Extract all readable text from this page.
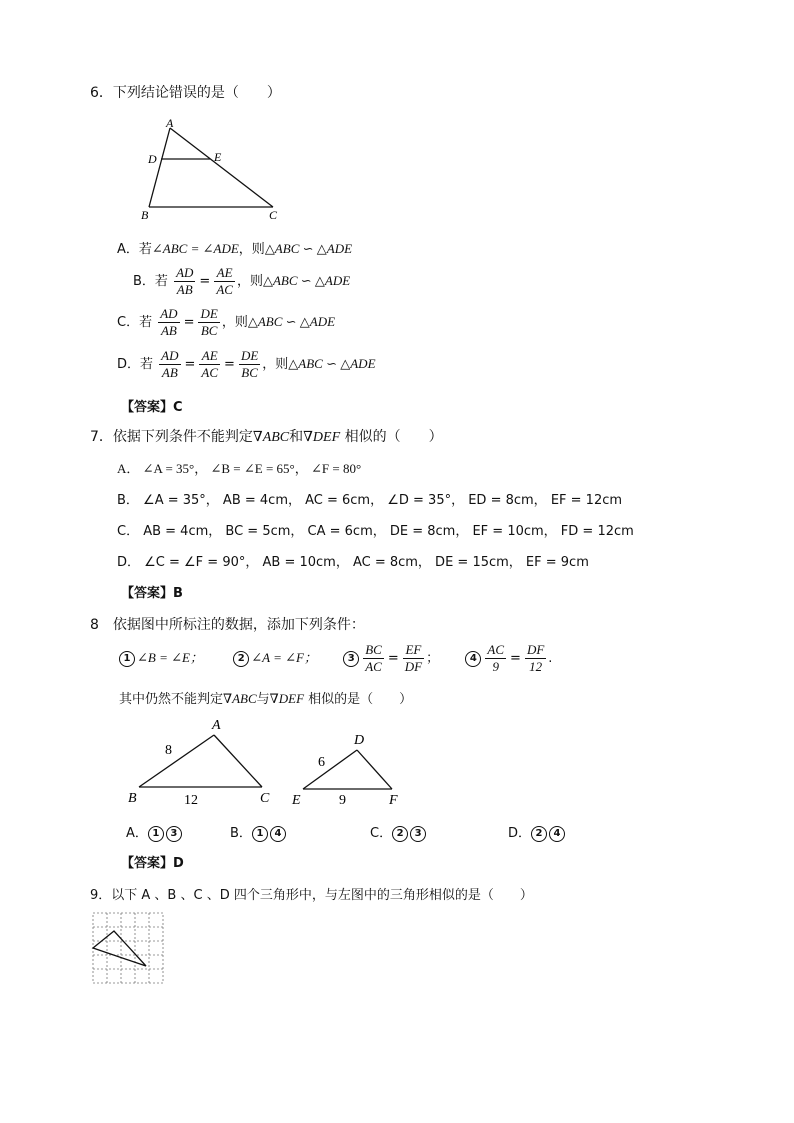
6．下列结论错误的是（　　）
A
D	E
B	C
A．若∠ABC = ∠ADE，则△ABC ∽ △ADE
B．若 $\frac{AD}{AB} = \frac{AE}{AC}$ ，则△ABC ∽ △ADE
C．若 $\frac{AD}{AB} = \frac{DE}{BC}$ ，则△ABC ∽ △ADE
D．若 $\frac{AD}{AB} = \frac{AE}{AC} = \frac{DE}{BC}$ ，则△ABC ∽ △ADE
【答案】C
7．依据下列条件不能判定∇ABC和∇DEF 相似的（　　）
A． ∠A = 35°， ∠B = ∠E = 65°， ∠F = 80°
B． ∠A = 35°， AB = 4cm， AC = 6cm， ∠D = 35°， ED = 8cm， EF = 12cm
C． AB = 4cm， BC = 5cm， CA = 6cm， DE = 8cm， EF = 10cm， FD = 12cm
D． ∠C = ∠F = 90°， AB = 10cm， AC = 8cm， DE = 15cm， EF = 9cm
【答案】B
8　依据图中所标注的数据，添加下列条件：
1 ∠B = ∠E；	2 ∠A = ∠F；	$3 \frac{BC}{AC} = \frac{EF}{DF}$ ；	$4 \frac{AC}{9} = \frac{DF}{12}$ .
其中仍然不能判定∇ABC与∇DEF 相似的是（　　）
A
B	C
8
12
D
E	F
6
9
A． 1 3	B． 1 4	C． 2 3	D． 2 4
【答案】D
9．以下 A 、B 、C 、D 四个三角形中，与左图中的三角形相似的是（　　）
